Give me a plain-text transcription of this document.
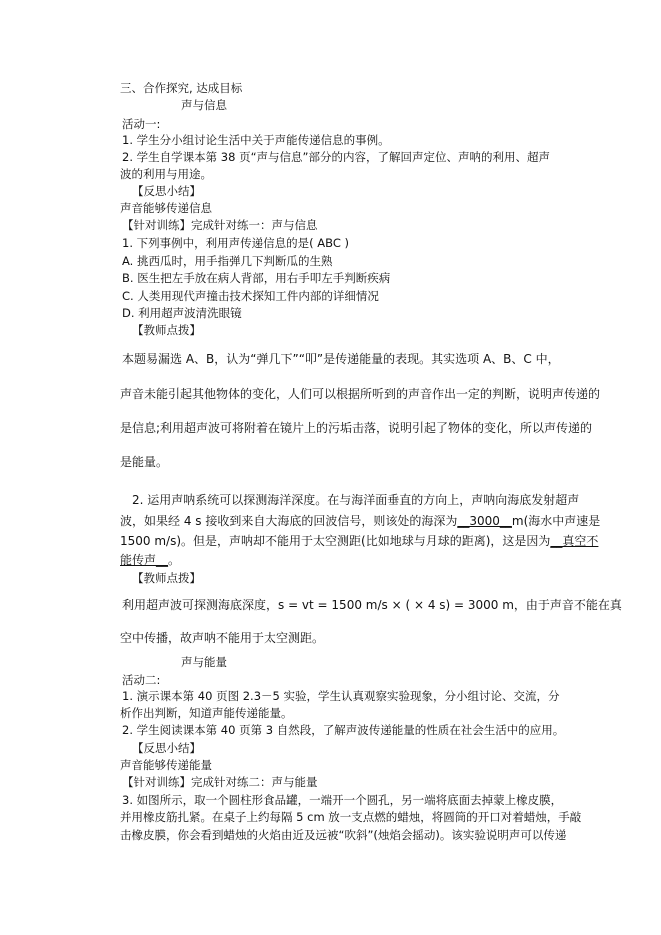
三、合作探究, 达成目标
声与信息
活动一:
1. 学生分小组讨论生活中关于声能传递信息的事例。
2. 学生自学课本第 38 页“声与信息”部分的内容，了解回声定位、声呐的利用、超声
波的利用与用途。
【反思小结】
声音能够传递信息
【针对训练】完成针对练一：声与信息
1. 下列事例中，利用声传递信息的是( ABC )
A. 挑西瓜时，用手指弹几下判断瓜的生熟
B. 医生把左手放在病人背部，用右手叩左手判断疾病
C. 人类用现代声撞击技术探知工件内部的详细情况
D. 利用超声波清洗眼镜
【教师点拨】
本题易漏选 A、B，认为“弹几下”“叩”是传递能量的表现。其实选项 A、B、C 中，
声音未能引起其他物体的变化，人们可以根据所听到的声音作出一定的判断，说明声传递的
是信息;利用超声波可将附着在镜片上的污垢击落，说明引起了物体的变化，所以声传递的
是能量。
2. 运用声呐系统可以探测海洋深度。在与海洋面垂直的方向上，声呐向海底发射超声
波，如果经 4 s 接收到来自大海底的回波信号，则该处的海深为__3000__m(海水中声速是
1500 m/s)。但是，声呐却不能用于太空测距(比如地球与月球的距离)，这是因为__真空不
能传声__。
【教师点拨】
利用超声波可探测海底深度，s = vt = 1500 m/s × ( × 4 s) = 3000 m，由于声音不能在真
空中传播，故声呐不能用于太空测距。
声与能量
活动二:
1. 演示课本第 40 页图 2.3－5 实验，学生认真观察实验现象，分小组讨论、交流，分
析作出判断，知道声能传递能量。
2. 学生阅读课本第 40 页第 3 自然段，了解声波传递能量的性质在社会生活中的应用。
【反思小结】
声音能够传递能量
【针对训练】完成针对练二：声与能量
3. 如图所示，取一个圆柱形食品罐，一端开一个圆孔，另一端将底面去掉蒙上橡皮膜，
并用橡皮筋扎紧。在桌子上约每隔 5 cm 放一支点燃的蜡烛，将圆筒的开口对着蜡烛，手敲
击橡皮膜，你会看到蜡烛的火焰由近及远被“吹斜”(烛焰会摇动)。该实验说明声可以传递
